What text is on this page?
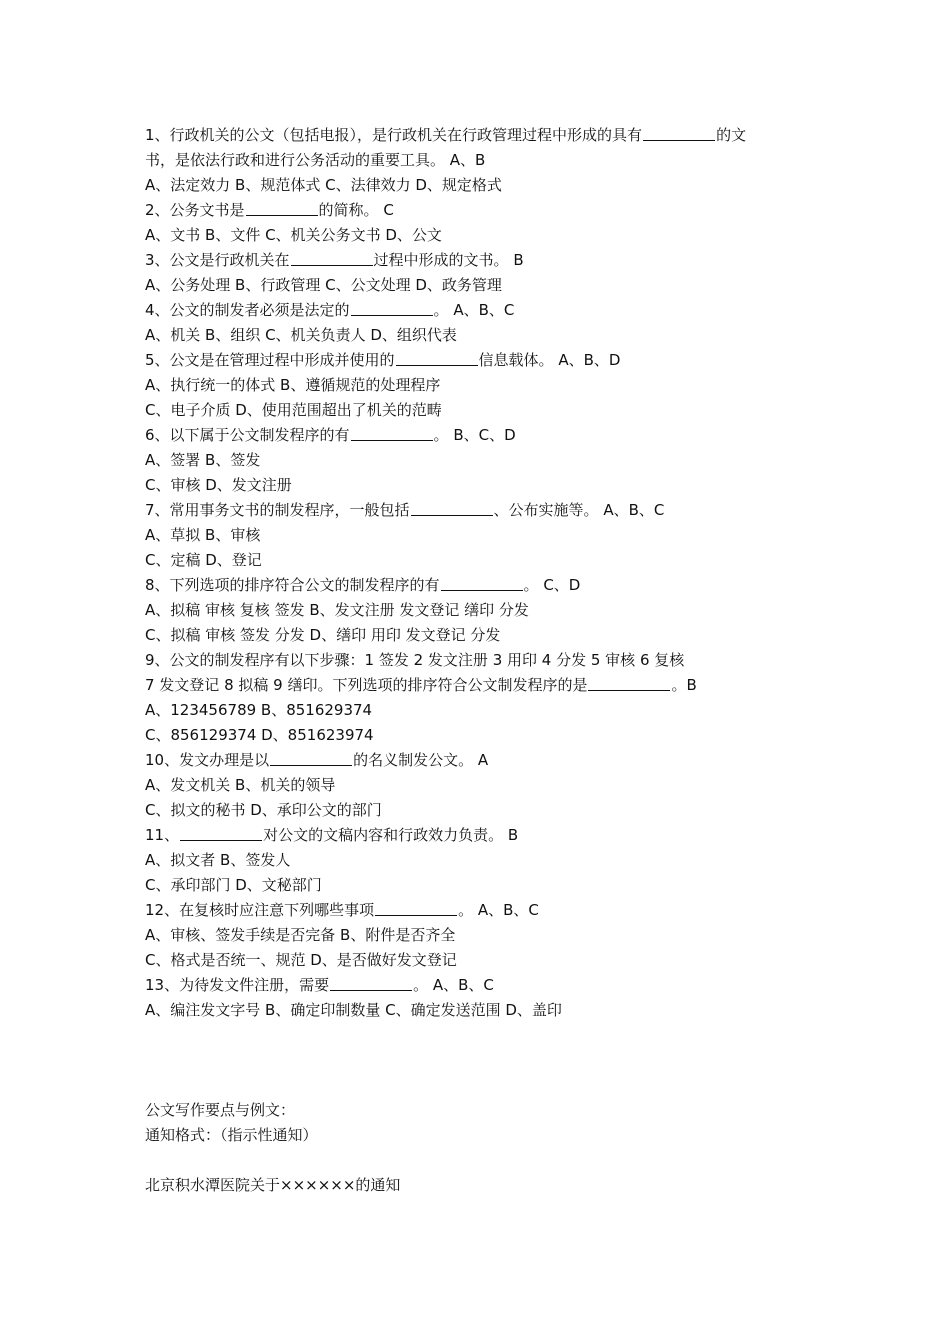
1、行政机关的公文（包括电报），是行政机关在行政管理过程中形成的具有	的文
书，是依法行政和进行公务活动的重要工具。 A、B
A、法定效力 B、规范体式 C、法律效力 D、规定格式
2、公务文书是	的简称。 C
A、文书 B、文件 C、机关公务文书 D、公文
3、公文是行政机关在	过程中形成的文书。 B
A、公务处理 B、行政管理 C、公文处理 D、政务管理
4、公文的制发者必须是法定的	。 A、B、C
A、机关 B、组织 C、机关负责人 D、组织代表
5、公文是在管理过程中形成并使用的	信息载体。 A、B、D
A、执行统一的体式 B、遵循规范的处理程序
C、电子介质 D、使用范围超出了机关的范畴
6、以下属于公文制发程序的有	。 B、C、D
A、签署 B、签发
C、审核 D、发文注册
7、常用事务文书的制发程序，一般包括	、公布实施等。 A、B、C
A、草拟 B、审核
C、定稿 D、登记
8、下列选项的排序符合公文的制发程序的有	。 C、D
A、拟稿 审核 复核 签发 B、发文注册 发文登记 缮印 分发
C、拟稿 审核 签发 分发 D、缮印 用印 发文登记 分发
9、公文的制发程序有以下步骤：1 签发 2 发文注册 3 用印 4 分发 5 审核 6 复核
7 发文登记 8 拟稿 9 缮印。下列选项的排序符合公文制发程序的是	。B
A、123456789 B、851629374
C、856129374 D、851623974
10、发文办理是以	的名义制发公文。 A
A、发文机关 B、机关的领导
C、拟文的秘书 D、承印公文的部门
11、	对公文的文稿内容和行政效力负责。 B
A、拟文者 B、签发人
C、承印部门 D、文秘部门
12、在复核时应注意下列哪些事项	。 A、B、C
A、审核、签发手续是否完备 B、附件是否齐全
C、格式是否统一、规范 D、是否做好发文登记
13、为待发文件注册，需要	。 A、B、C
A、编注发文字号 B、确定印制数量 C、确定发送范围 D、盖印
公文写作要点与例文：
通知格式：（指示性通知）
北京积水潭医院关于××××××的通知
